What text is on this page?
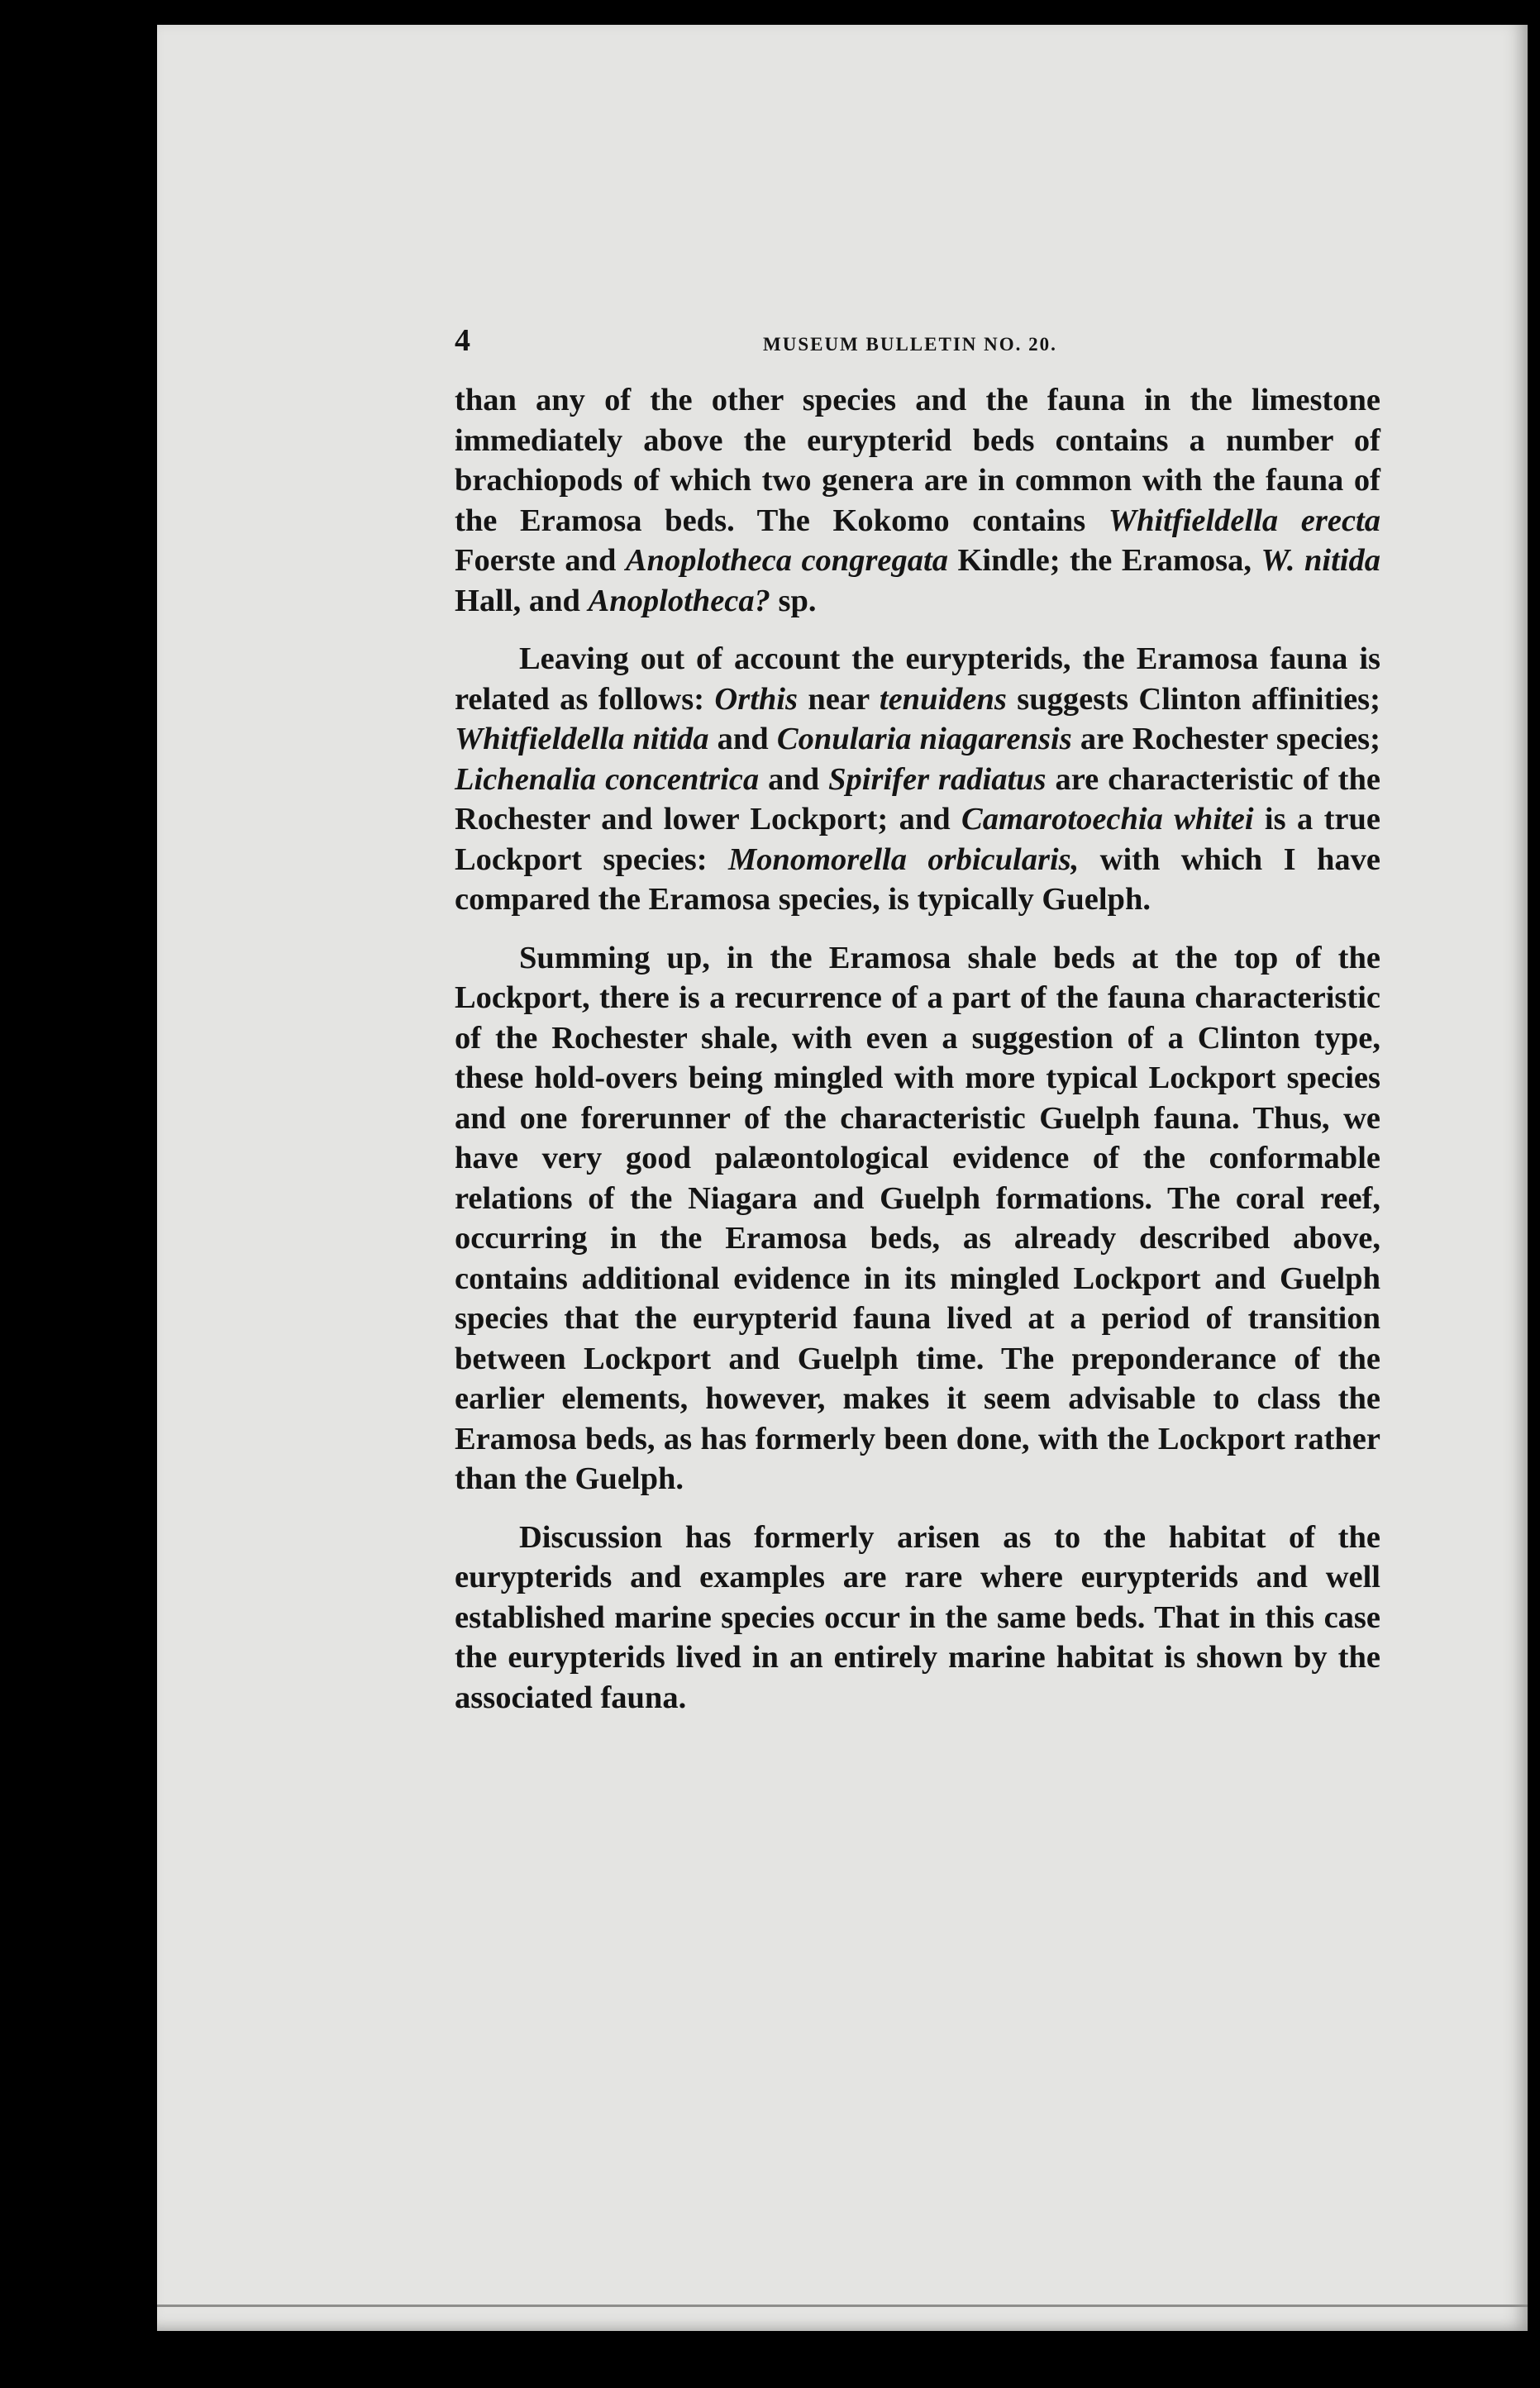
4	MUSEUM BULLETIN NO. 20.

than any of the other species and the fauna in the limestone immediately above the eurypterid beds contains a number of brachiopods of which two genera are in common with the fauna of the Eramosa beds. The Kokomo contains Whitfieldella erecta Foerste and Anoplotheca congregata Kindle; the Eramosa, W. nitida Hall, and Anoplotheca? sp.

Leaving out of account the eurypterids, the Eramosa fauna is related as follows: Orthis near tenuidens suggests Clinton affinities; Whitfieldella nitida and Conularia niagarensis are Rochester species; Lichenalia concentrica and Spirifer radiatus are characteristic of the Rochester and lower Lockport; and Camarotoechia whitei is a true Lockport species: Monomorella orbicularis, with which I have compared the Eramosa species, is typically Guelph.

Summing up, in the Eramosa shale beds at the top of the Lockport, there is a recurrence of a part of the fauna characteristic of the Rochester shale, with even a suggestion of a Clinton type, these hold-overs being mingled with more typical Lockport species and one forerunner of the characteristic Guelph fauna. Thus, we have very good palæontological evidence of the conformable relations of the Niagara and Guelph formations. The coral reef, occurring in the Eramosa beds, as already described above, contains additional evidence in its mingled Lockport and Guelph species that the eurypterid fauna lived at a period of transition between Lockport and Guelph time. The preponderance of the earlier elements, however, makes it seem advisable to class the Eramosa beds, as has formerly been done, with the Lockport rather than the Guelph.

Discussion has formerly arisen as to the habitat of the eurypterids and examples are rare where eurypterids and well established marine species occur in the same beds. That in this case the eurypterids lived in an entirely marine habitat is shown by the associated fauna.
